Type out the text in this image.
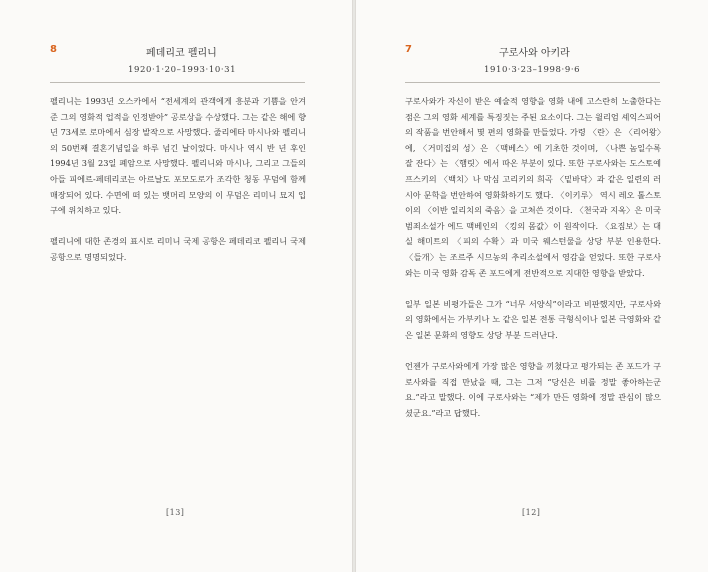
8	페데리코 펠리니
1920·1·20–1993·10·31

펠리니는 1993년 오스카에서 “전세계의 관객에게 흥분과 기쁨을 안겨준 그의 영화적 업적을 인정받아” 공로상을 수상했다. 그는 같은 해에 향년 73세로 로마에서 심장 발작으로 사망했다. 줄리에타 마시나와 펠리니의 50번째 결혼기념일을 하루 넘긴 날이었다. 마시나 역시 반 년 후인 1994년 3월 23일 폐암으로 사망했다. 펠리니와 마시나, 그리고 그들의 아들 피에르-페데리코는 아르날도 포모도로가 조각한 청동 무덤에 함께 매장되어 있다. 수면에 떠 있는 뱃머리 모양의 이 무덤은 리미니 묘지 입구에 위치하고 있다.

펠리니에 대한 존경의 표시로 리미니 국제 공항은 페데리코 펠리니 국제 공항으로 명명되었다.

[13]
7	구로사와 아키라
1910·3·23–1998·9·6

구로사와가 자신이 받은 예술적 영향을 영화 내에 고스란히 노출한다는 점은 그의 영화 세계를 특징짓는 주된 요소이다. 그는 윌리엄 셰익스피어의 작품을 번안해서 몇 편의 영화를 만들었다. 가령 〈란〉은 〈리어왕〉에, 〈거미집의 성〉은 〈맥베스〉에 기초한 것이며, 〈나쁜 놈일수록 잘 잔다〉는 〈햄릿〉에서 따온 부분이 있다. 또한 구로사와는 도스토예프스키의 〈백치〉나 막심 고리키의 희곡 〈밑바닥〉과 같은 일련의 러시아 문학을 번안하여 영화화하기도 했다. 〈이키루〉 역시 레오 톨스토이의 〈이반 일리치의 죽음〉을 고쳐쓴 것이다. 〈천국과 지옥〉은 미국 범죄소설가 에드 맥베인의 〈킹의 몸값〉이 원작이다. 〈요짐보〉는 대실 해미트의 〈피의 수확〉과 미국 웨스턴물을 상당 부분 인용한다. 〈들개〉는 조르주 시므농의 추리소설에서 영감을 얻었다. 또한 구로사와는 미국 영화 감독 존 포드에게 전반적으로 지대한 영향을 받았다.

일부 일본 비평가들은 그가 “너무 서양식”이라고 비판했지만, 구로사와의 영화에서는 가부키나 노 같은 일본 전통 극형식이나 일본 극영화와 같은 일본 문화의 영향도 상당 부분 드러난다.

언젠가 구로사와에게 가장 많은 영향을 끼쳤다고 평가되는 존 포드가 구로사와를 직접 만났을 때, 그는 그저 “당신은 비를 정말 좋아하는군요.”라고 말했다. 이에 구로사와는 “제가 만든 영화에 정말 관심이 많으셨군요.”라고 답했다.

[12]
